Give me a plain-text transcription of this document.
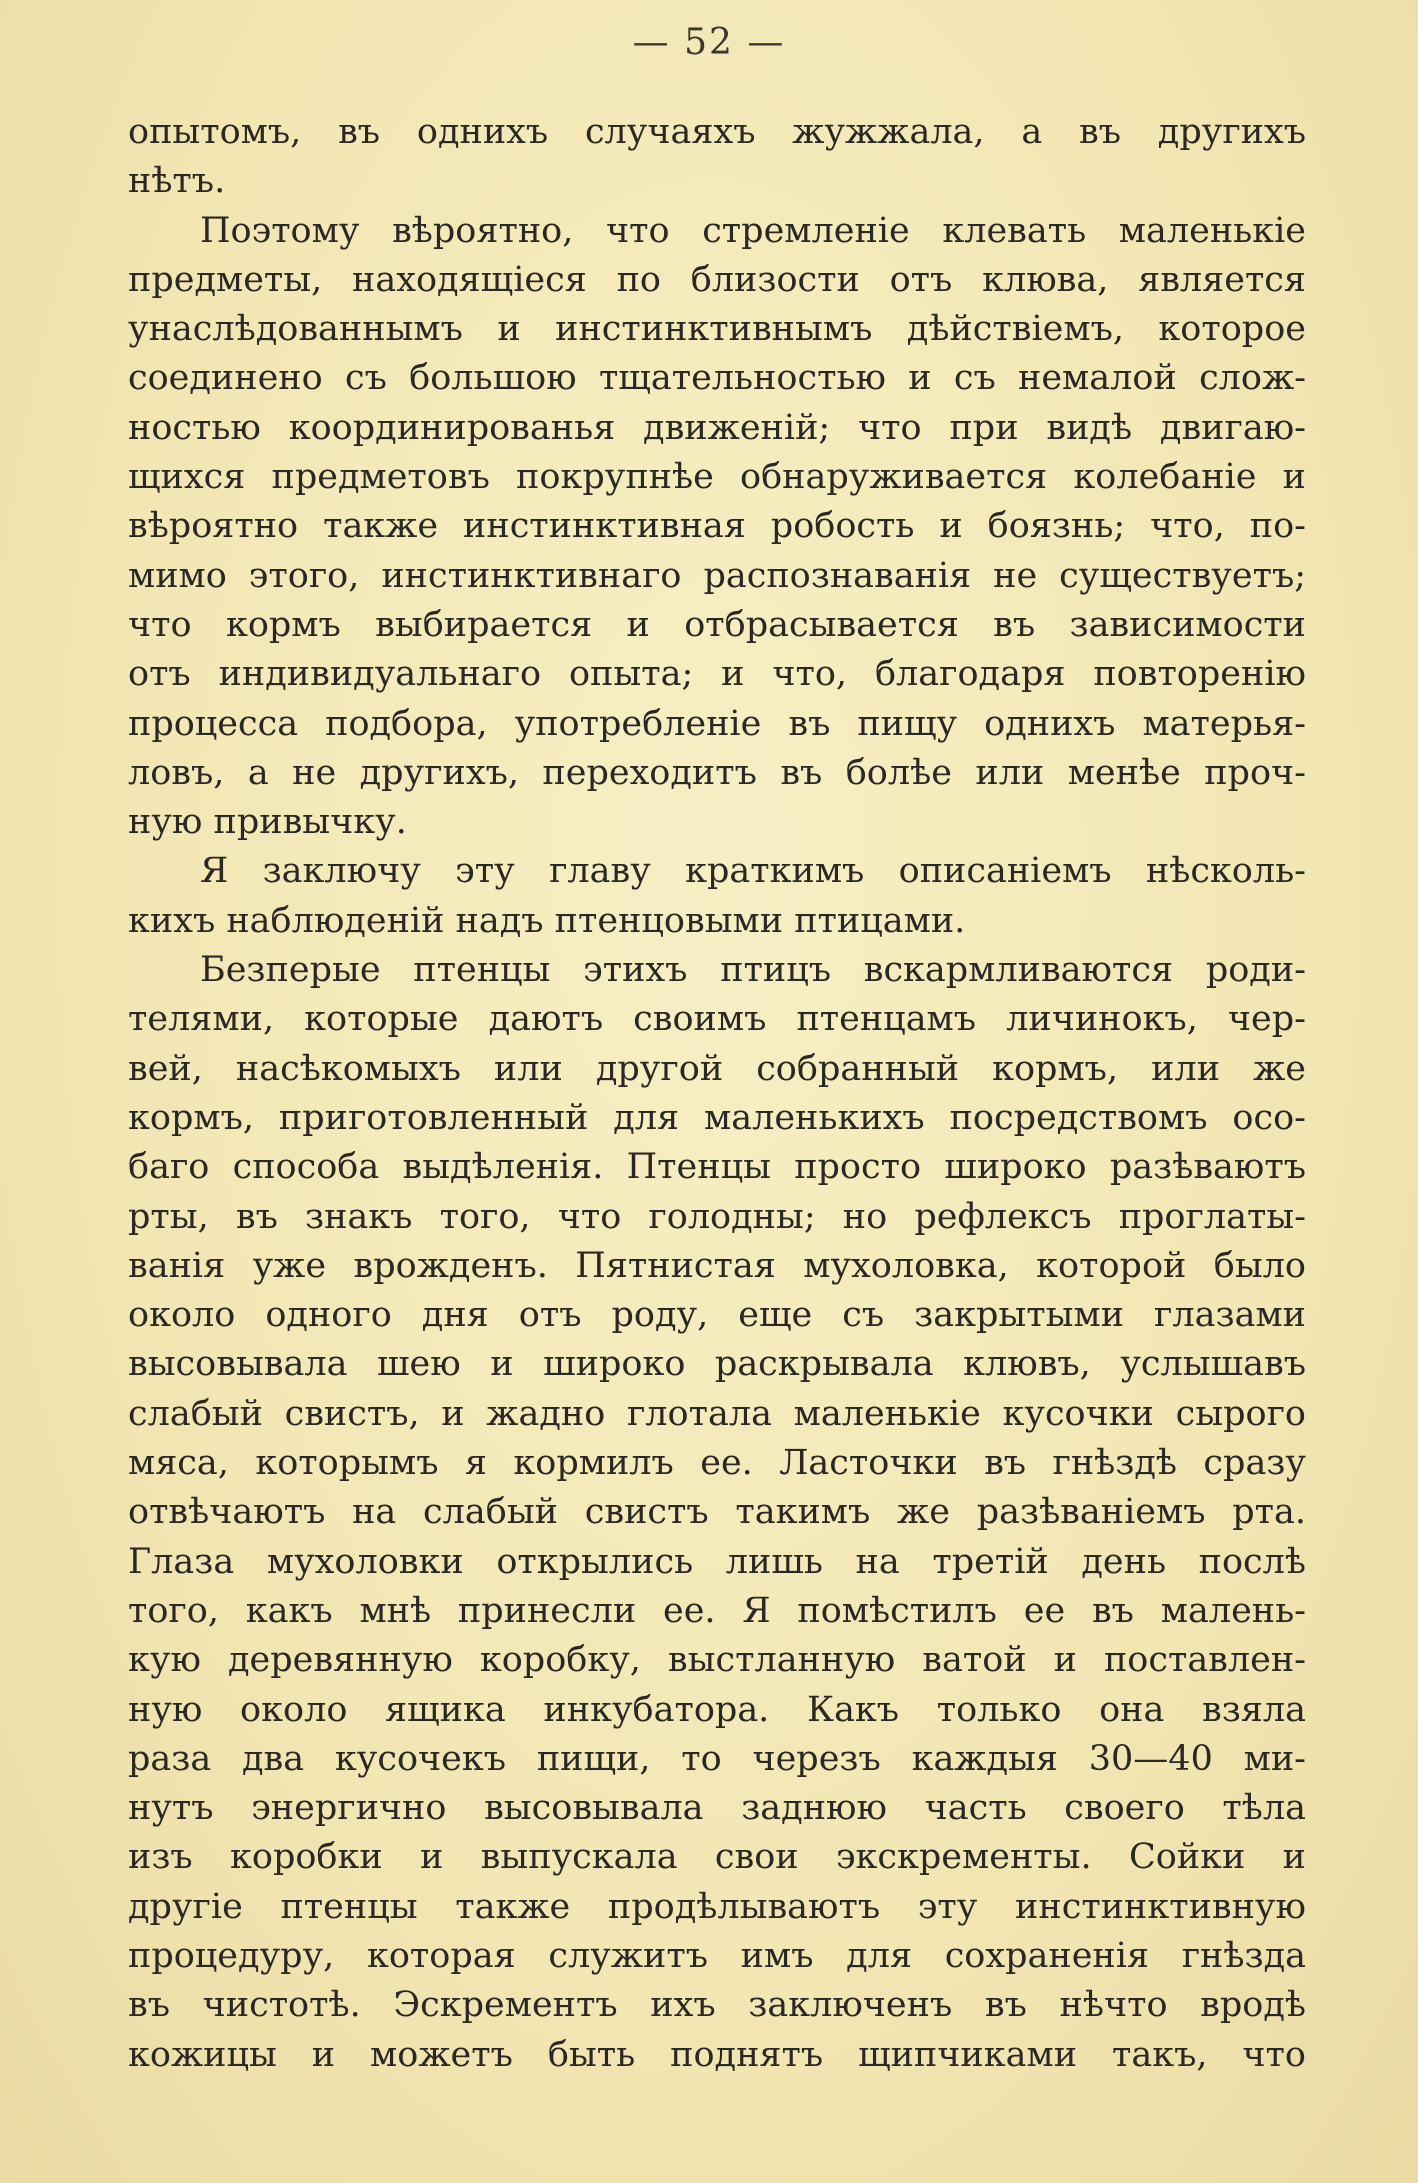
— 52 —
опытомъ, въ однихъ случаяхъ жужжала, а въ другихъ
нѣтъ.
Поэтому вѣроятно, что стремленіе клевать маленькіе
предметы, находящіеся по близости отъ клюва, является
унаслѣдованнымъ и инстинктивнымъ дѣйствіемъ, которое
соединено съ большою тщательностью и съ немалой слож-
ностью координированья движеній; что при видѣ двигаю-
щихся предметовъ покрупнѣе обнаруживается колебаніе и
вѣроятно также инстинктивная робость и боязнь; что, по-
мимо этого, инстинктивнаго распознаванія не существуетъ;
что кормъ выбирается и отбрасывается въ зависимости
отъ индивидуальнаго опыта; и что, благодаря повторенію
процесса подбора, употребленіе въ пищу однихъ матерья-
ловъ, а не другихъ, переходитъ въ болѣе или менѣе проч-
ную привычку.
Я заключу эту главу краткимъ описаніемъ нѣсколь-
кихъ наблюденій надъ птенцовыми птицами.
Безперые птенцы этихъ птицъ вскармливаются роди-
телями, которые даютъ своимъ птенцамъ личинокъ, чер-
вей, насѣкомыхъ или другой собранный кормъ, или же
кормъ, приготовленный для маленькихъ посредствомъ осо-
баго способа выдѣленія. Птенцы просто широко разѣваютъ
рты, въ знакъ того, что голодны; но рефлексъ проглаты-
ванія уже врожденъ. Пятнистая мухоловка, которой было
около одного дня отъ роду, еще съ закрытыми глазами
высовывала шею и широко раскрывала клювъ, услышавъ
слабый свистъ, и жадно глотала маленькіе кусочки сырого
мяса, которымъ я кормилъ ее. Ласточки въ гнѣздѣ сразу
отвѣчаютъ на слабый свистъ такимъ же разѣваніемъ рта.
Глаза мухоловки открылись лишь на третій день послѣ
того, какъ мнѣ принесли ее. Я помѣстилъ ее въ малень-
кую деревянную коробку, выстланную ватой и поставлен-
ную около ящика инкубатора. Какъ только она взяла
раза два кусочекъ пищи, то черезъ каждыя 30—40 ми-
нутъ энергично высовывала заднюю часть своего тѣла
изъ коробки и выпускала свои экскременты. Сойки и
другіе птенцы также продѣлываютъ эту инстинктивную
процедуру, которая служитъ имъ для сохраненія гнѣзда
въ чистотѣ. Эскрементъ ихъ заключенъ въ нѣчто вродѣ
кожицы и можетъ быть поднятъ щипчиками такъ, что
